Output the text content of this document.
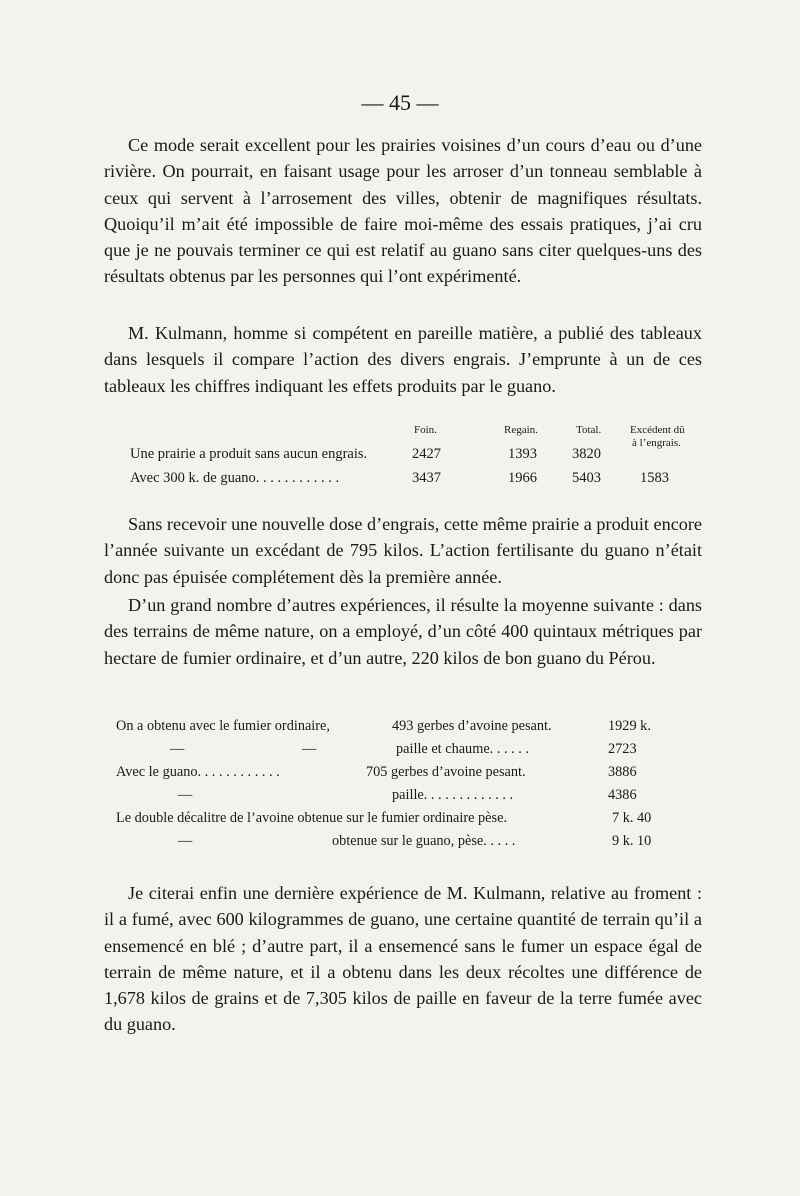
— 45 —

Ce mode serait excellent pour les prairies voisines d’un cours d’eau ou d’une rivière. On pourrait, en faisant usage pour les arroser d’un tonneau semblable à ceux qui servent à l’arrosement des villes, obtenir de magnifiques résultats. Quoiqu’il m’ait été impossible de faire moi-même des essais pratiques, j’ai cru que je ne pouvais terminer ce qui est relatif au guano sans citer quelques-uns des résultats obtenus par les personnes qui l’ont expérimenté.

M. Kulmann, homme si compétent en pareille matière, a publié des tableaux dans lesquels il compare l’action des divers engrais. J’emprunte à un de ces tableaux les chiffres indiquant les effets produits par le guano.

Foin.	Regain.	Total.	Excédent dû
à l’engrais.
Une prairie a produit sans aucun engrais.	2427	1393 3820
Avec 300 k. de guano. . . . . . . . . . . .	3437	1966 5403	1583

Sans recevoir une nouvelle dose d’engrais, cette même prairie a produit encore l’année suivante un excédant de 795 kilos. L’action fertilisante du guano n’était donc pas épuisée complétement dès la première année.

D’un grand nombre d’autres expériences, il résulte la moyenne suivante : dans des terrains de même nature, on a employé, d’un côté 400 quintaux métriques par hectare de fumier ordinaire, et d’un autre, 220 kilos de bon guano du Pérou.

On a obtenu avec le fumier ordinaire,	493 gerbes d’avoine pesant.	1929 k.
—	—	paille et chaume. . . . . .	2723
Avec le guano. . . . . . . . . . . .	705 gerbes d’avoine pesant.	3886
—	paille. . . . . . . . . . . . .	4386
Le double décalitre de l’avoine obtenue sur le fumier ordinaire pèse.	7 k. 40
—	obtenue sur le guano, pèse. . . . .	9 k. 10

Je citerai enfin une dernière expérience de M. Kulmann, relative au froment : il a fumé, avec 600 kilogrammes de guano, une certaine quantité de terrain qu’il a ensemencé en blé ; d’autre part, il a ensemencé sans le fumer un espace égal de terrain de même nature, et il a obtenu dans les deux récoltes une différence de 1,678 kilos de grains et de 7,305 kilos de paille en faveur de la terre fumée avec du guano.
